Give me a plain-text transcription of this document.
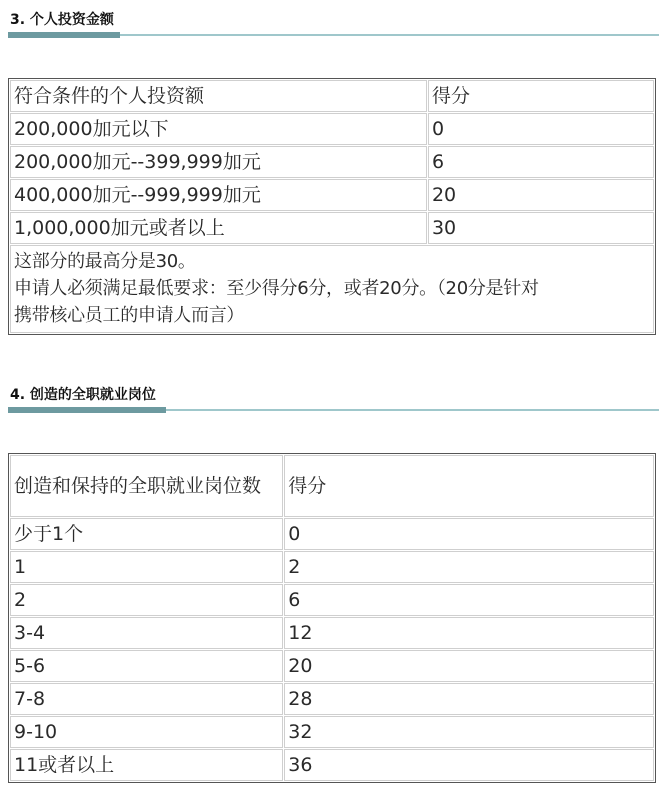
3. 个人投资金额
符合条件的个人投资额	得分
200,000加元以下	0
200,000加元--399,999加元	6
400,000加元--999,999加元	20
1,000,000加元或者以上	30

这部分的最高分是30。
申请人必须满足最低要求：至少得分6分，或者20分。（20分是针对
携带核心员工的申请人而言）	
4. 创造的全职就业岗位
创造和保持的全职就业岗位数	得分
少于1个	0
1	2
2	6
3-4	12
5-6	20
7-8	28
9-10	32
11或者以上	36
